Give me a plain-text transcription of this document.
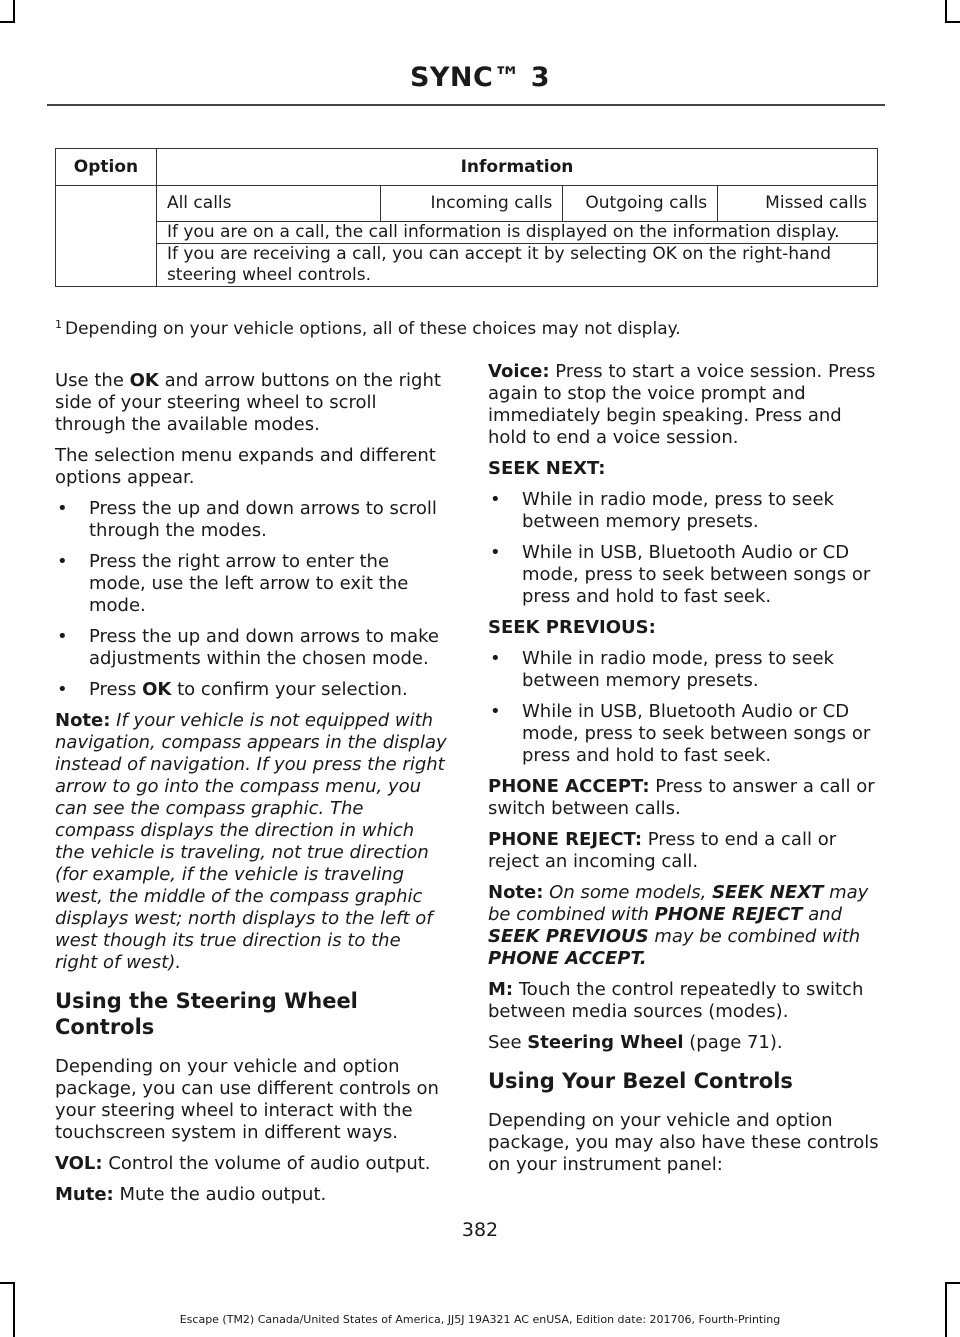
SYNC™ 3
Option	Information			
	All calls	Incoming calls	Outgoing calls	Missed calls
	If you are on a call, the call information is displayed on the information display.			
	If you are receiving a call, you can accept it by selecting OK on the right-hand steering wheel controls.			
$^1$ Depending on your vehicle options, all of these choices may not display.

Use the OK and arrow buttons on the right side of your steering wheel to scroll through the available modes.

The selection menu expands and different options appear.

• Press the up and down arrows to scroll through the modes.
• Press the right arrow to enter the mode, use the left arrow to exit the mode.
• Press the up and down arrows to make adjustments within the chosen mode.
• Press OK to confirm your selection.

Note: If your vehicle is not equipped with navigation, compass appears in the display instead of navigation. If you press the right arrow to go into the compass menu, you can see the compass graphic. The compass displays the direction in which the vehicle is traveling, not true direction (for example, if the vehicle is traveling west, the middle of the compass graphic displays west; north displays to the left of west though its true direction is to the right of west).

Using the Steering Wheel Controls

Depending on your vehicle and option package, you can use different controls on your steering wheel to interact with the touchscreen system in different ways.

VOL: Control the volume of audio output.

Mute: Mute the audio output.

Voice: Press to start a voice session. Press again to stop the voice prompt and immediately begin speaking. Press and hold to end a voice session.

SEEK NEXT:

• While in radio mode, press to seek between memory presets.
• While in USB, Bluetooth Audio or CD mode, press to seek between songs or press and hold to fast seek.

SEEK PREVIOUS:

• While in radio mode, press to seek between memory presets.
• While in USB, Bluetooth Audio or CD mode, press to seek between songs or press and hold to fast seek.

PHONE ACCEPT: Press to answer a call or switch between calls.

PHONE REJECT: Press to end a call or reject an incoming call.

Note: On some models, SEEK NEXT may be combined with PHONE REJECT and SEEK PREVIOUS may be combined with PHONE ACCEPT.

M: Touch the control repeatedly to switch between media sources (modes).

See Steering Wheel (page 71).

Using Your Bezel Controls

Depending on your vehicle and option package, you may also have these controls on your instrument panel:

382
Escape (TM2) Canada/United States of America, JJ5J 19A321 AC enUSA, Edition date: 201706, Fourth-Printing
